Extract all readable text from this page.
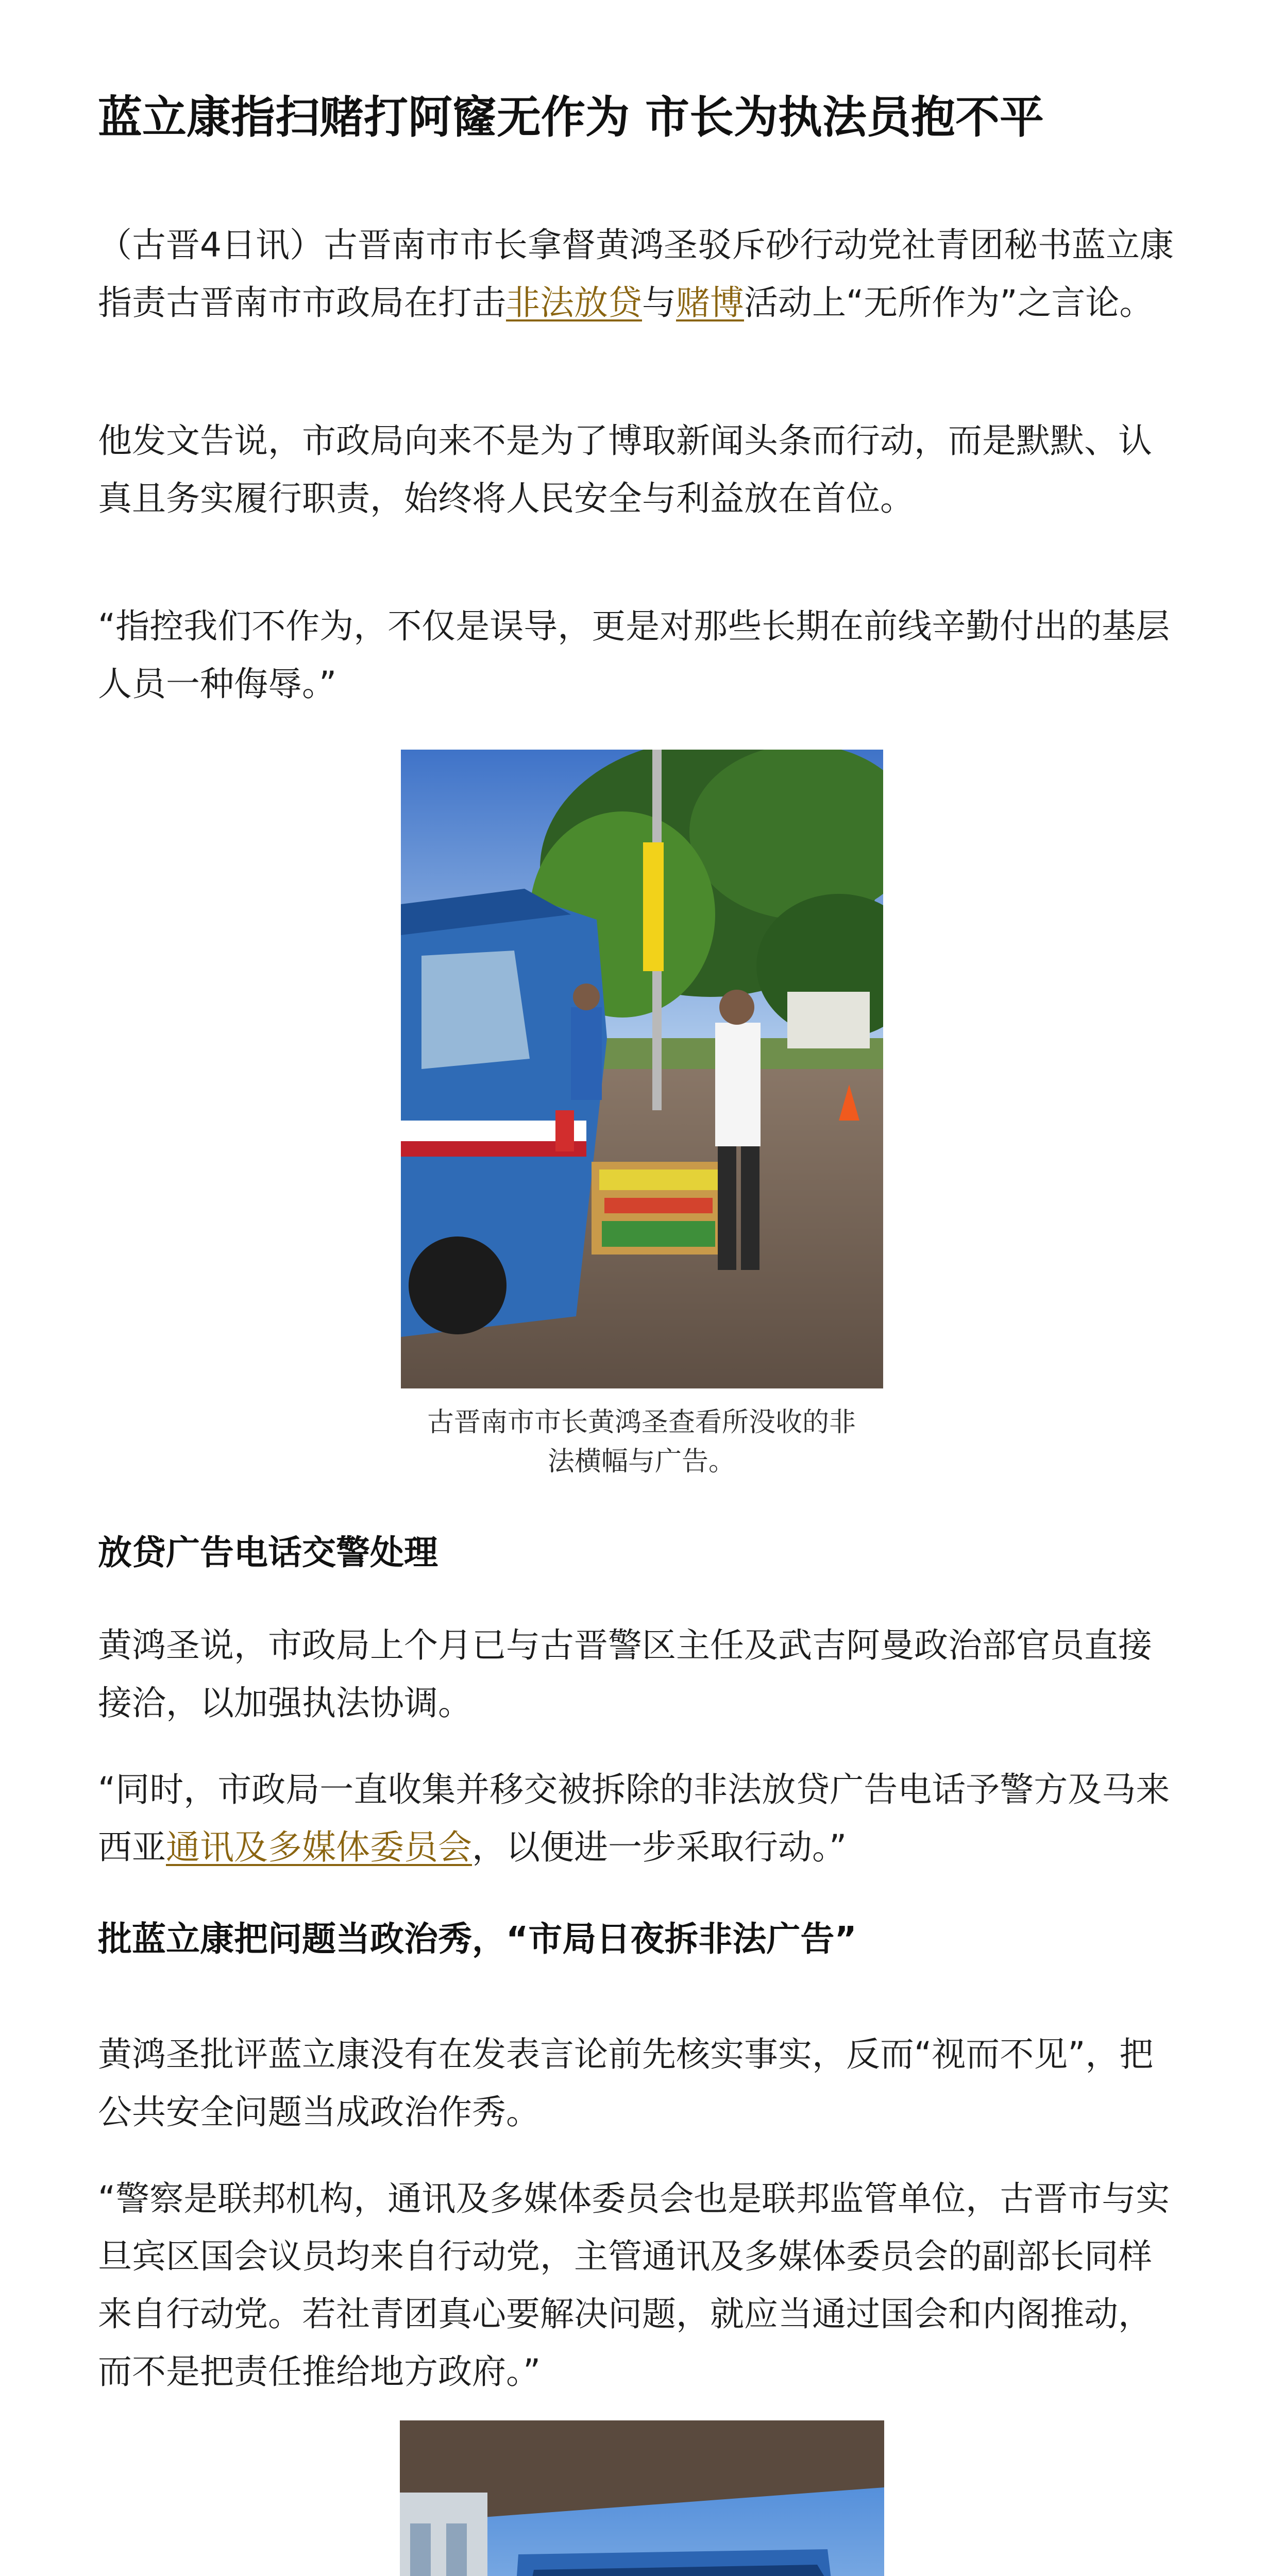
蓝立康指扫赌打阿窿无作为 市长为执法员抱不平

（古晋4日讯）古晋南市市长拿督黄鸿圣驳斥砂行动党社青团秘书蓝立康指责古晋南市市政局在打击非法放贷与赌博活动上“无所作为”之言论。

他发文告说，市政局向来不是为了博取新闻头条而行动，而是默默、认真且务实履行职责，始终将人民安全与利益放在首位。

“指控我们不作为，不仅是误导，更是对那些长期在前线辛勤付出的基层人员一种侮辱。”

古晋南市市长黄鸿圣查看所没收的非
法横幅与广告。
放贷广告电话交警处理

黄鸿圣说，市政局上个月已与古晋警区主任及武吉阿曼政治部官员直接接洽，以加强执法协调。

“同时，市政局一直收集并移交被拆除的非法放贷广告电话予警方及马来西亚通讯及多媒体委员会，以便进一步采取行动。”

批蓝立康把问题当政治秀，“市局日夜拆非法广告”

黄鸿圣批评蓝立康没有在发表言论前先核实事实，反而“视而不见”，把公共安全问题当成政治作秀。

“警察是联邦机构，通讯及多媒体委员会也是联邦监管单位，古晋市与实旦宾区国会议员均来自行动党，主管通讯及多媒体委员会的副部长同样来自行动党。若社青团真心要解决问题，就应当通过国会和内阁推动，而不是把责任推给地方政府。”
